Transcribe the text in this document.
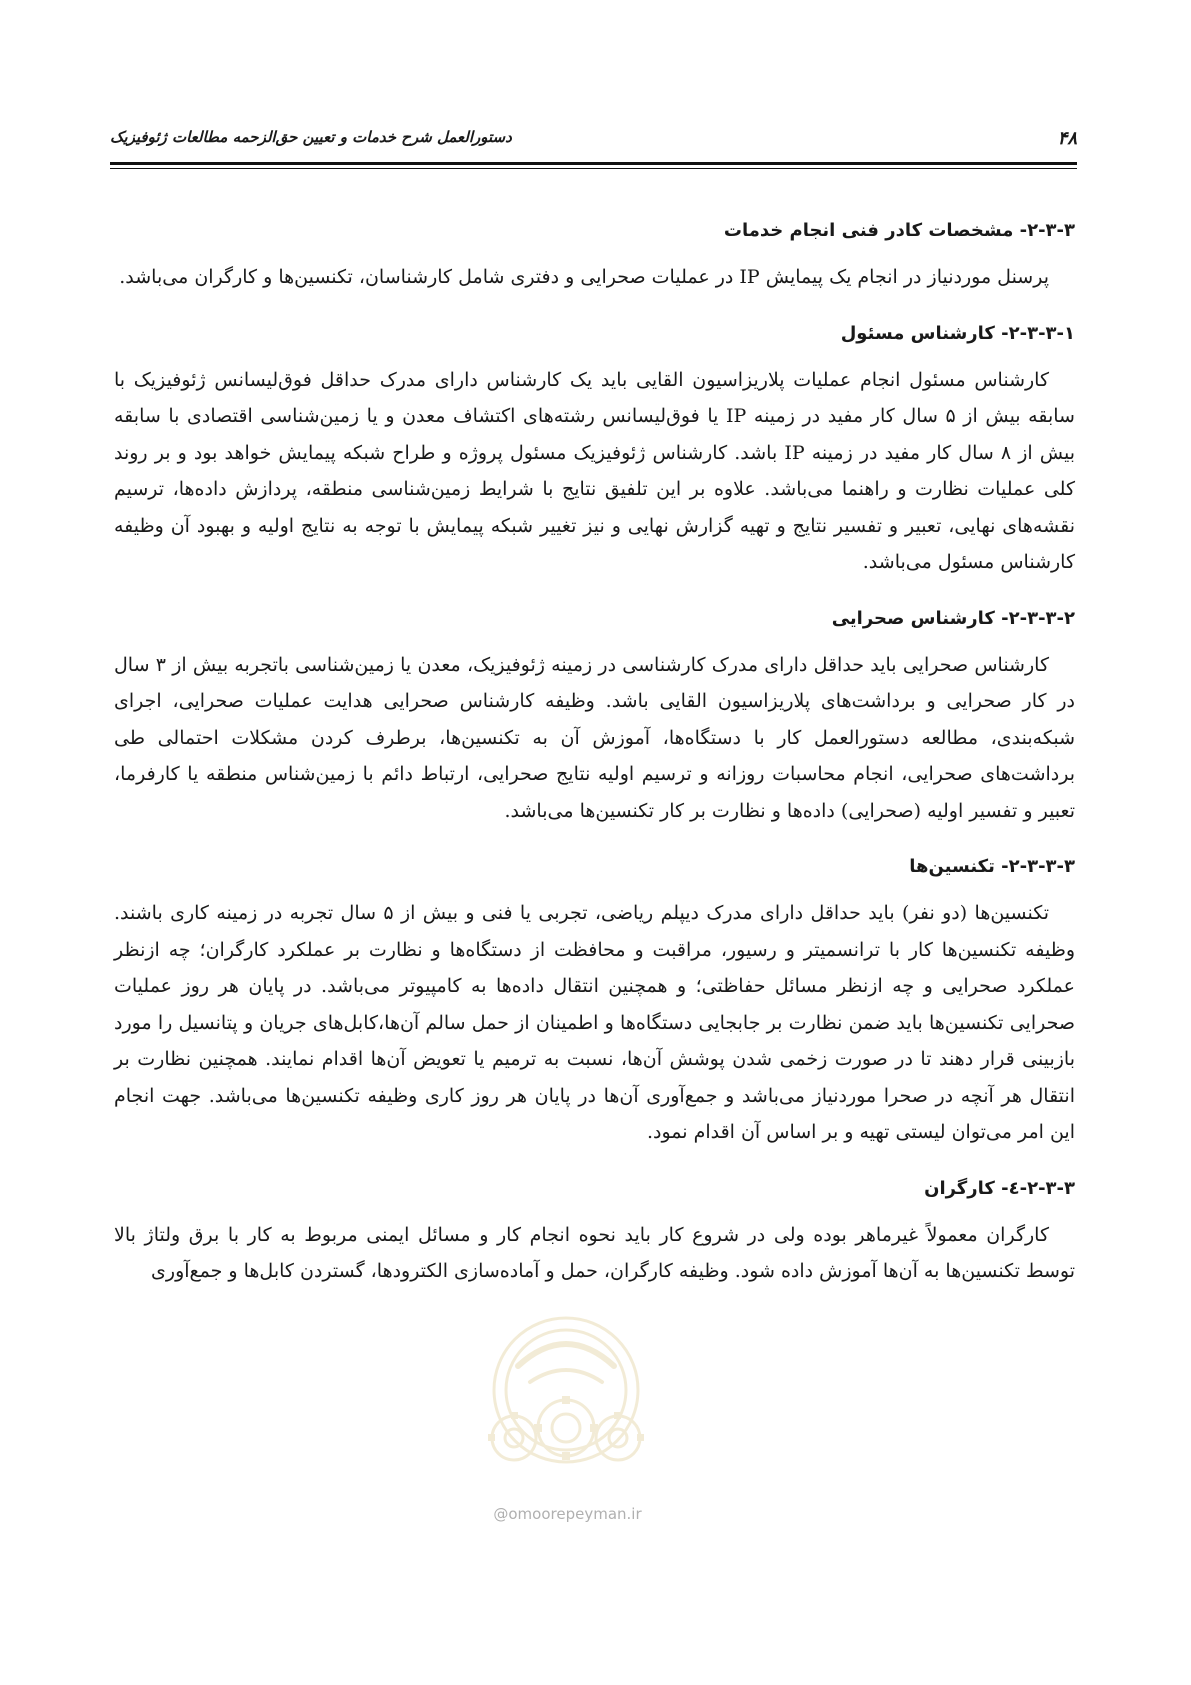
۴۸
دستورالعمل شرح خدمات و تعیین حق‌الزحمه مطالعات ژئوفیزیک
۲-۳-۳- مشخصات کادر فنی انجام خدمات

پرسنل موردنیاز در انجام یک پیمایش IP در عملیات صحرایی و دفتری شامل کارشناسان، تکنسین‌ها و کارگران می‌باشد.

۲-۳-۳-۱- کارشناس مسئول

کارشناس مسئول انجام عملیات پلاریزاسیون القایی باید یک کارشناس دارای مدرک حداقل فوق‌لیسانس ژئوفیزیک با سابقه بیش از ۵ سال کار مفید در زمینه IP یا فوق‌لیسانس رشته‌های اکتشاف معدن و یا زمین‌شناسی اقتصادی با سابقه بیش از ۸ سال کار مفید در زمینه IP باشد. کارشناس ژئوفیزیک مسئول پروژه و طراح شبکه پیمایش خواهد بود و بر روند کلی عملیات نظارت و راهنما می‌باشد. علاوه بر این تلفیق نتایج با شرایط زمین‌شناسی منطقه، پردازش داده‌ها، ترسیم نقشه‌های نهایی، تعبیر و تفسیر نتایج و تهیه گزارش نهایی و نیز تغییر شبکه پیمایش با توجه به نتایج اولیه و بهبود آن وظیفه کارشناس مسئول می‌باشد.

۲-۳-۳-۲- کارشناس صحرایی

کارشناس صحرایی باید حداقل دارای مدرک کارشناسی در زمینه ژئوفیزیک، معدن یا زمین‌شناسی باتجربه بیش از ۳ سال در کار صحرایی و برداشت‌های پلاریزاسیون القایی باشد. وظیفه کارشناس صحرایی هدایت عملیات صحرایی، اجرای شبکه‌بندی، مطالعه دستورالعمل کار با دستگاه‌ها، آموزش آن به تکنسین‌ها، برطرف کردن مشکلات احتمالی طی برداشت‌های صحرایی، انجام محاسبات روزانه و ترسیم اولیه نتایج صحرایی، ارتباط دائم با زمین‌شناس منطقه یا کارفرما، تعبیر و تفسیر اولیه (صحرایی) داده‌ها و نظارت بر کار تکنسین‌ها می‌باشد.

۲-۳-۳-۳- تکنسین‌ها

تکنسین‌ها (دو نفر) باید حداقل دارای مدرک دیپلم ریاضی، تجربی یا فنی و بیش از ۵ سال تجربه در زمینه کاری باشند. وظیفه تکنسین‌ها کار با ترانسمیتر و رسیور، مراقبت و محافظت از دستگاه‌ها و نظارت بر عملکرد کارگران؛ چه ازنظر عملکرد صحرایی و چه ازنظر مسائل حفاظتی؛ و همچنین انتقال داده‌ها به کامپیوتر می‌باشد. در پایان هر روز عملیات صحرایی تکنسین‌ها باید ضمن نظارت بر جابجایی دستگاه‌ها و اطمینان از حمل سالم آن‌ها،کابل‌های جریان و پتانسیل را مورد بازبینی قرار دهند تا در صورت زخمی شدن پوشش آن‌ها، نسبت به ترمیم یا تعویض آن‌ها اقدام نمایند. همچنین نظارت بر انتقال هر آنچه در صحرا موردنیاز می‌باشد و جمع‌آوری آن‌ها در پایان هر روز کاری وظیفه تکنسین‌ها می‌باشد. جهت انجام این امر می‌توان لیستی تهیه و بر اساس آن اقدام نمود.

۲-۳-۳-٤- کارگران

کارگران معمولاً غیرماهر بوده ولی در شروع کار باید نحوه انجام کار و مسائل ایمنی مربوط به کار با برق ولتاژ بالا توسط تکنسین‌ها به آن‌ها آموزش داده شود. وظیفه کارگران، حمل و آماده‌سازی الکترودها، گستردن کابل‌ها و جمع‌آوری

@omoorepeyman.ir
